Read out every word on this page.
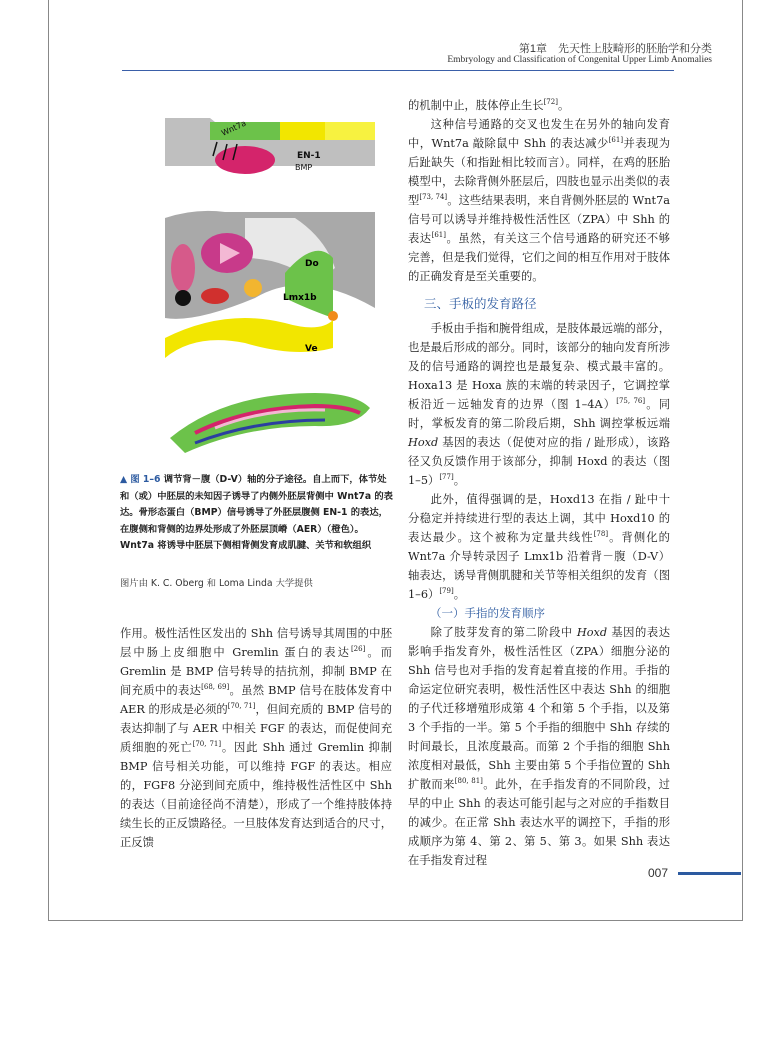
第1章　先天性上肢畸形的胚胎学和分类
Embryology and Classification of Congenital Upper Limb Anomalies
Wnt7a
EN-1
BMP
Do
Lmx1b
Ve
▲ 图 1–6 调节背－腹（D-V）轴的分子途径。自上而下，体节处和（或）中胚层的未知因子诱导了内侧外胚层背侧中 Wnt7a 的表达。骨形态蛋白（BMP）信号诱导了外胚层腹侧 EN-1 的表达，在腹侧和背侧的边界处形成了外胚层顶嵴（AER）（橙色）。Wnt7a 将诱导中胚层下侧相背侧发育成肌腱、关节和软组织
图片由 K. C. Oberg 和 Loma Linda 大学提供

作用。极性活性区发出的 Shh 信号诱导其周围的中胚层中肠上皮细胞中 Gremlin 蛋白的表达[26]。而 Gremlin 是 BMP 信号转导的拮抗剂，抑制 BMP 在间充质中的表达[68, 69]。虽然 BMP 信号在肢体发育中 AER 的形成是必须的[70, 71]，但间充质的 BMP 信号的表达抑制了与 AER 中相关 FGF 的表达，而促使间充质细胞的死亡[70, 71]。因此 Shh 通过 Gremlin 抑制 BMP 信号相关功能，可以维持 FGF 的表达。相应的，FGF8 分泌到间充质中，维持极性活性区中 Shh 的表达（目前途径尚不清楚），形成了一个维持肢体持续生长的正反馈路径。一旦肢体发育达到适合的尺寸，正反馈

的机制中止，肢体停止生长[72]。

这种信号通路的交叉也发生在另外的轴向发育中，Wnt7a 敲除鼠中 Shh 的表达减少[61]并表现为后趾缺失（和指趾相比较而言）。同样，在鸡的胚胎模型中，去除背侧外胚层后，四肢也显示出类似的表型[73, 74]。这些结果表明，来自背侧外胚层的 Wnt7a 信号可以诱导并维持极性活性区（ZPA）中 Shh 的表达[61]。虽然，有关这三个信号通路的研究还不够完善，但是我们觉得，它们之间的相互作用对于肢体的正确发育是至关重要的。

三、手板的发育路径

手板由手指和腕骨组成，是肢体最远端的部分，也是最后形成的部分。同时，该部分的轴向发育所涉及的信号通路的调控也是最复杂、模式最丰富的。Hoxa13 是 Hoxa 族的末端的转录因子，它调控掌板沿近－远轴发育的边界（图 1–4A）[75, 76]。同时，掌板发育的第二阶段后期，Shh 调控掌板远端 Hoxd 基因的表达（促使对应的指 / 趾形成），该路径又负反馈作用于该部分，抑制 Hoxd 的表达（图 1–5）[77]。

此外，值得强调的是，Hoxd13 在指 / 趾中十分稳定并持续进行型的表达上调，其中 Hoxd10 的表达最少。这个被称为定量共线性[78]。背侧化的 Wnt7a 介导转录因子 Lmx1b 沿着背－腹（D-V）轴表达，诱导背侧肌腱和关节等相关组织的发育（图 1–6）[79]。

（一）手指的发育顺序

除了肢芽发育的第二阶段中 Hoxd 基因的表达影响手指发育外，极性活性区（ZPA）细胞分泌的 Shh 信号也对手指的发育起着直接的作用。手指的命运定位研究表明，极性活性区中表达 Shh 的细胞的子代迁移增殖形成第 4 个和第 5 个手指，以及第 3 个手指的一半。第 5 个手指的细胞中 Shh 存续的时间最长，且浓度最高。而第 2 个手指的细胞 Shh 浓度相对最低，Shh 主要由第 5 个手指位置的 Shh 扩散而来[80, 81]。此外，在手指发育的不同阶段，过早的中止 Shh 的表达可能引起与之对应的手指数目的减少。在正常 Shh 表达水平的调控下，手指的形成顺序为第 4、第 2、第 5、第 3。如果 Shh 表达在手指发育过程

007
